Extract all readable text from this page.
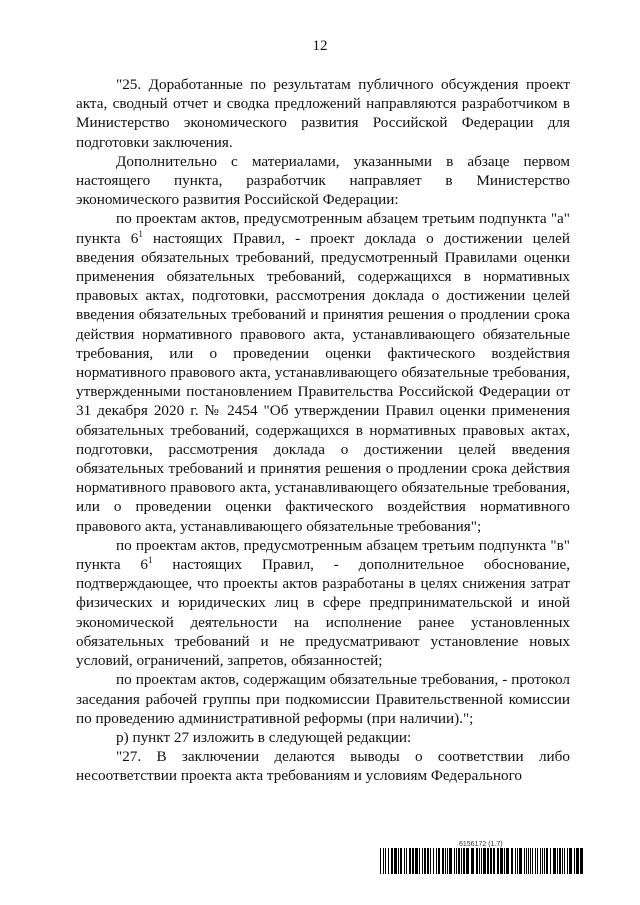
12

"25. Доработанные по результатам публичного обсуждения проект акта, сводный отчет и сводка предложений направляются разработчиком в Министерство экономического развития Российской Федерации для подготовки заключения.

Дополнительно с материалами, указанными в абзаце первом настоящего пункта, разработчик направляет в Министерство экономического развития Российской Федерации:

по проектам актов, предусмотренным абзацем третьим подпункта "а" пункта $6^1$ настоящих Правил, - проект доклада о достижении целей введения обязательных требований, предусмотренный Правилами оценки применения обязательных требований, содержащихся в нормативных правовых актах, подготовки, рассмотрения доклада о достижении целей введения обязательных требований и принятия решения о продлении срока действия нормативного правового акта, устанавливающего обязательные требования, или о проведении оценки фактического воздействия нормативного правового акта, устанавливающего обязательные требования, утвержденными постановлением Правительства Российской Федерации от 31 декабря 2020 г. № 2454 "Об утверждении Правил оценки применения обязательных требований, содержащихся в нормативных правовых актах, подготовки, рассмотрения доклада о достижении целей введения обязательных требований и принятия решения о продлении срока действия нормативного правового акта, устанавливающего обязательные требования, или о проведении оценки фактического воздействия нормативного правового акта, устанавливающего обязательные требования";

по проектам актов, предусмотренным абзацем третьим подпункта "в" пункта $6^1$ настоящих Правил, - дополнительное обоснование, подтверждающее, что проекты актов разработаны в целях снижения затрат физических и юридических лиц в сфере предпринимательской и иной экономической деятельности на исполнение ранее установленных обязательных требований и не предусматривают установление новых условий, ограничений, запретов, обязанностей;

по проектам актов, содержащим обязательные требования, - протокол заседания рабочей группы при подкомиссии Правительственной комиссии по проведению административной реформы (при наличии).";

р) пункт 27 изложить в следующей редакции:

"27. В заключении делаются выводы о соответствии либо несоответствии проекта акта требованиям и условиям Федерального

6156172 (1.7)
